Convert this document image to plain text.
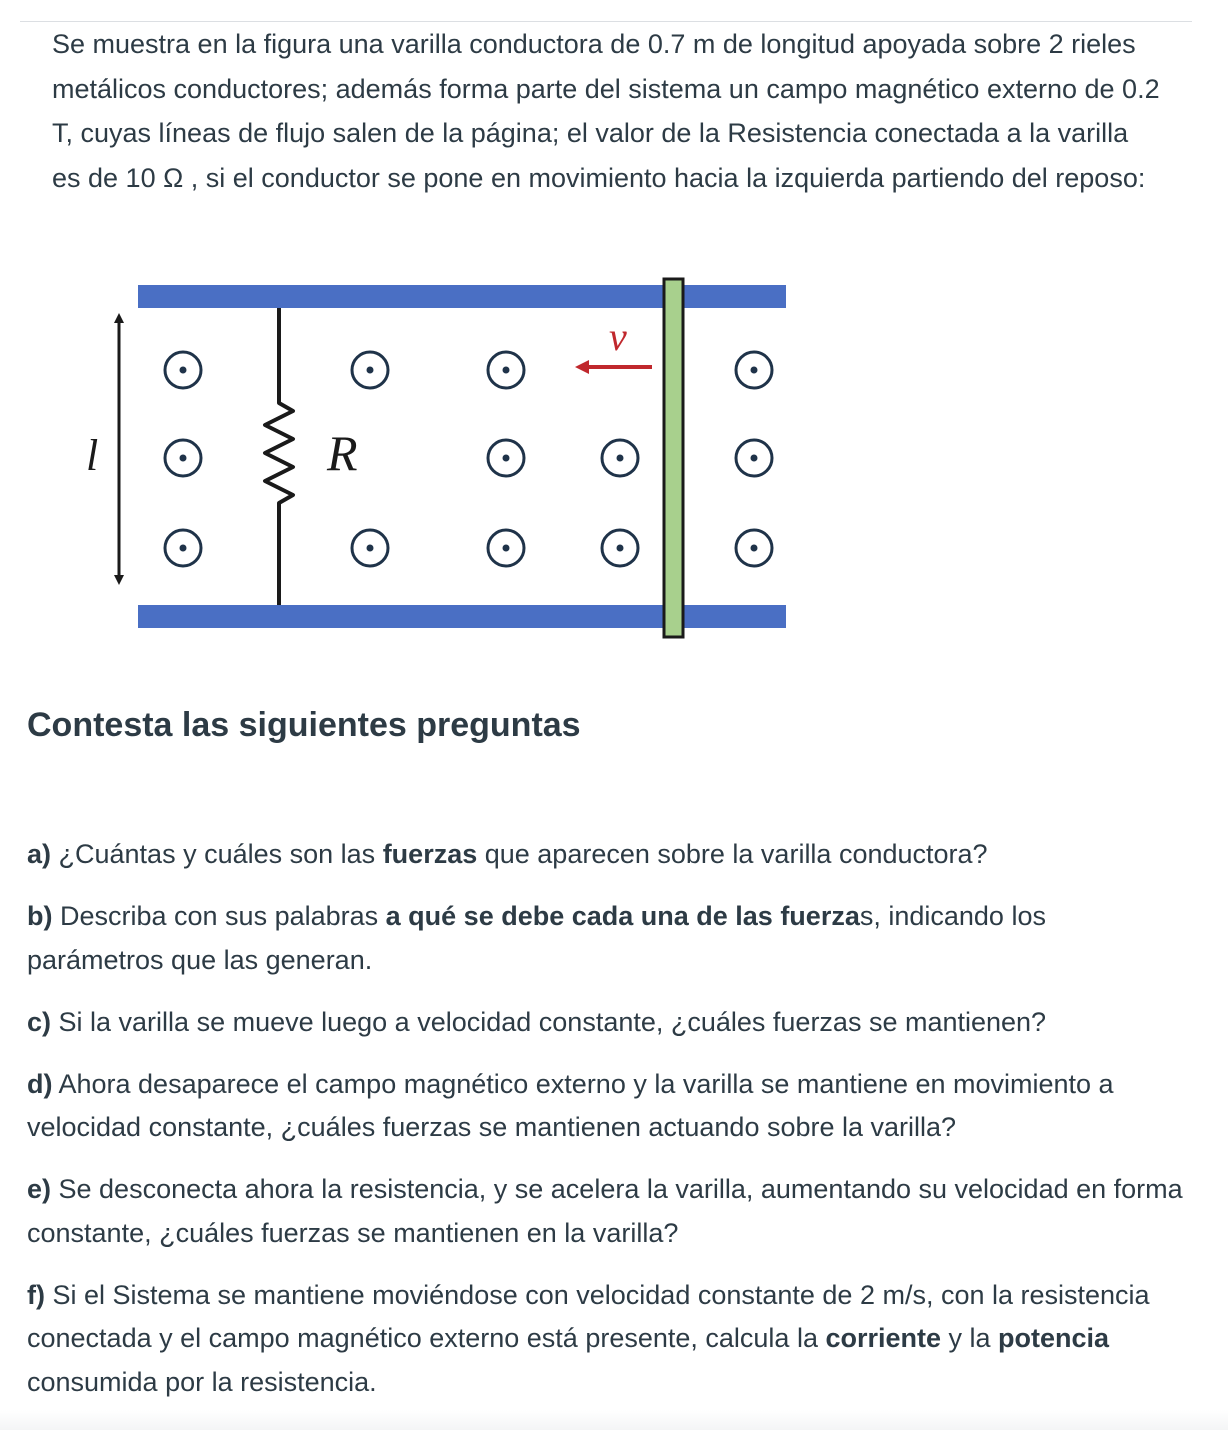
Se muestra en la figura una varilla conductora de 0.7 m de longitud apoyada sobre 2 rieles metálicos conductores; además forma parte del sistema un campo magnético externo de 0.2 T, cuyas líneas de flujo salen de la página; el valor de la Resistencia conectada a la varilla es de 10 Ω , si el conductor se pone en movimiento hacia la izquierda partiendo del reposo:

l	R
v
Contesta las siguientes preguntas

a) ¿Cuántas y cuáles son las fuerzas que aparecen sobre la varilla conductora?

b) Describa con sus palabras a qué se debe cada una de las fuerzas, indicando los parámetros que las generan.

c) Si la varilla se mueve luego a velocidad constante, ¿cuáles fuerzas se mantienen?

d) Ahora desaparece el campo magnético externo y la varilla se mantiene en movimiento a velocidad constante, ¿cuáles fuerzas se mantienen actuando sobre la varilla?

e) Se desconecta ahora la resistencia, y se acelera la varilla, aumentando su velocidad en forma constante, ¿cuáles fuerzas se mantienen en la varilla?

f) Si el Sistema se mantiene moviéndose con velocidad constante de 2 m/s, con la resistencia conectada y el campo magnético externo está presente, calcula la corriente y la potencia consumida por la resistencia.
